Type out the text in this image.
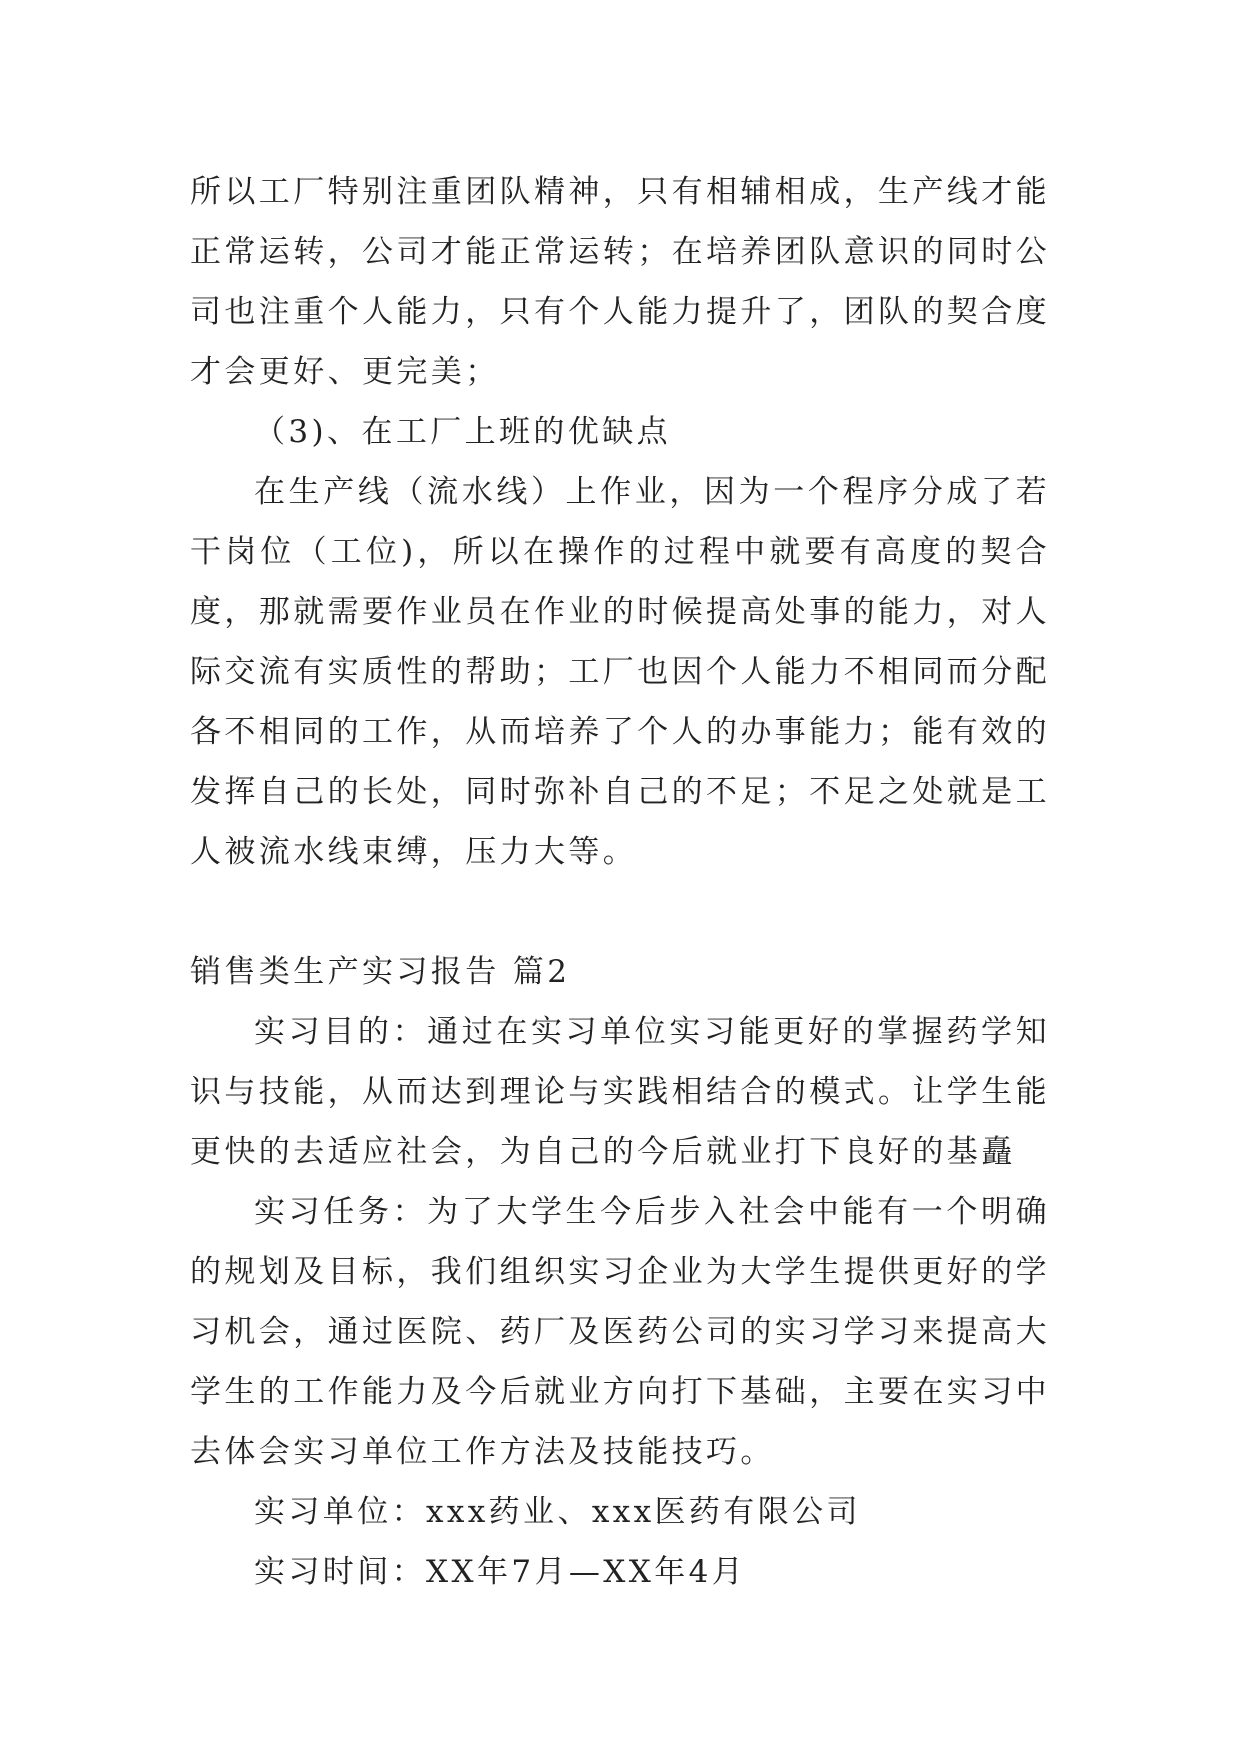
所以工厂特别注重团队精神，只有相辅相成，生产线才能正常运转，公司才能正常运转；在培养团队意识的同时公司也注重个人能力，只有个人能力提升了，团队的契合度才会更好、更完美；

（3)、在工厂上班的优缺点

在生产线（流水线）上作业，因为一个程序分成了若干岗位（工位)，所以在操作的过程中就要有高度的契合度，那就需要作业员在作业的时候提高处事的能力，对人际交流有实质性的帮助；工厂也因个人能力不相同而分配各不相同的工作，从而培养了个人的办事能力；能有效的发挥自己的长处，同时弥补自己的不足；不足之处就是工人被流水线束缚，压力大等。

销售类生产实习报告 篇2

实习目的：通过在实习单位实习能更好的掌握药学知识与技能，从而达到理论与实践相结合的模式。让学生能更快的去适应社会，为自己的今后就业打下良好的基矗

实习任务：为了大学生今后步入社会中能有一个明确的规划及目标，我们组织实习企业为大学生提供更好的学习机会，通过医院、药厂及医药公司的实习学习来提高大学生的工作能力及今后就业方向打下基础，主要在实习中去体会实习单位工作方法及技能技巧。

实习单位：xxx药业、xxx医药有限公司

实习时间：XX年7月—XX年4月
